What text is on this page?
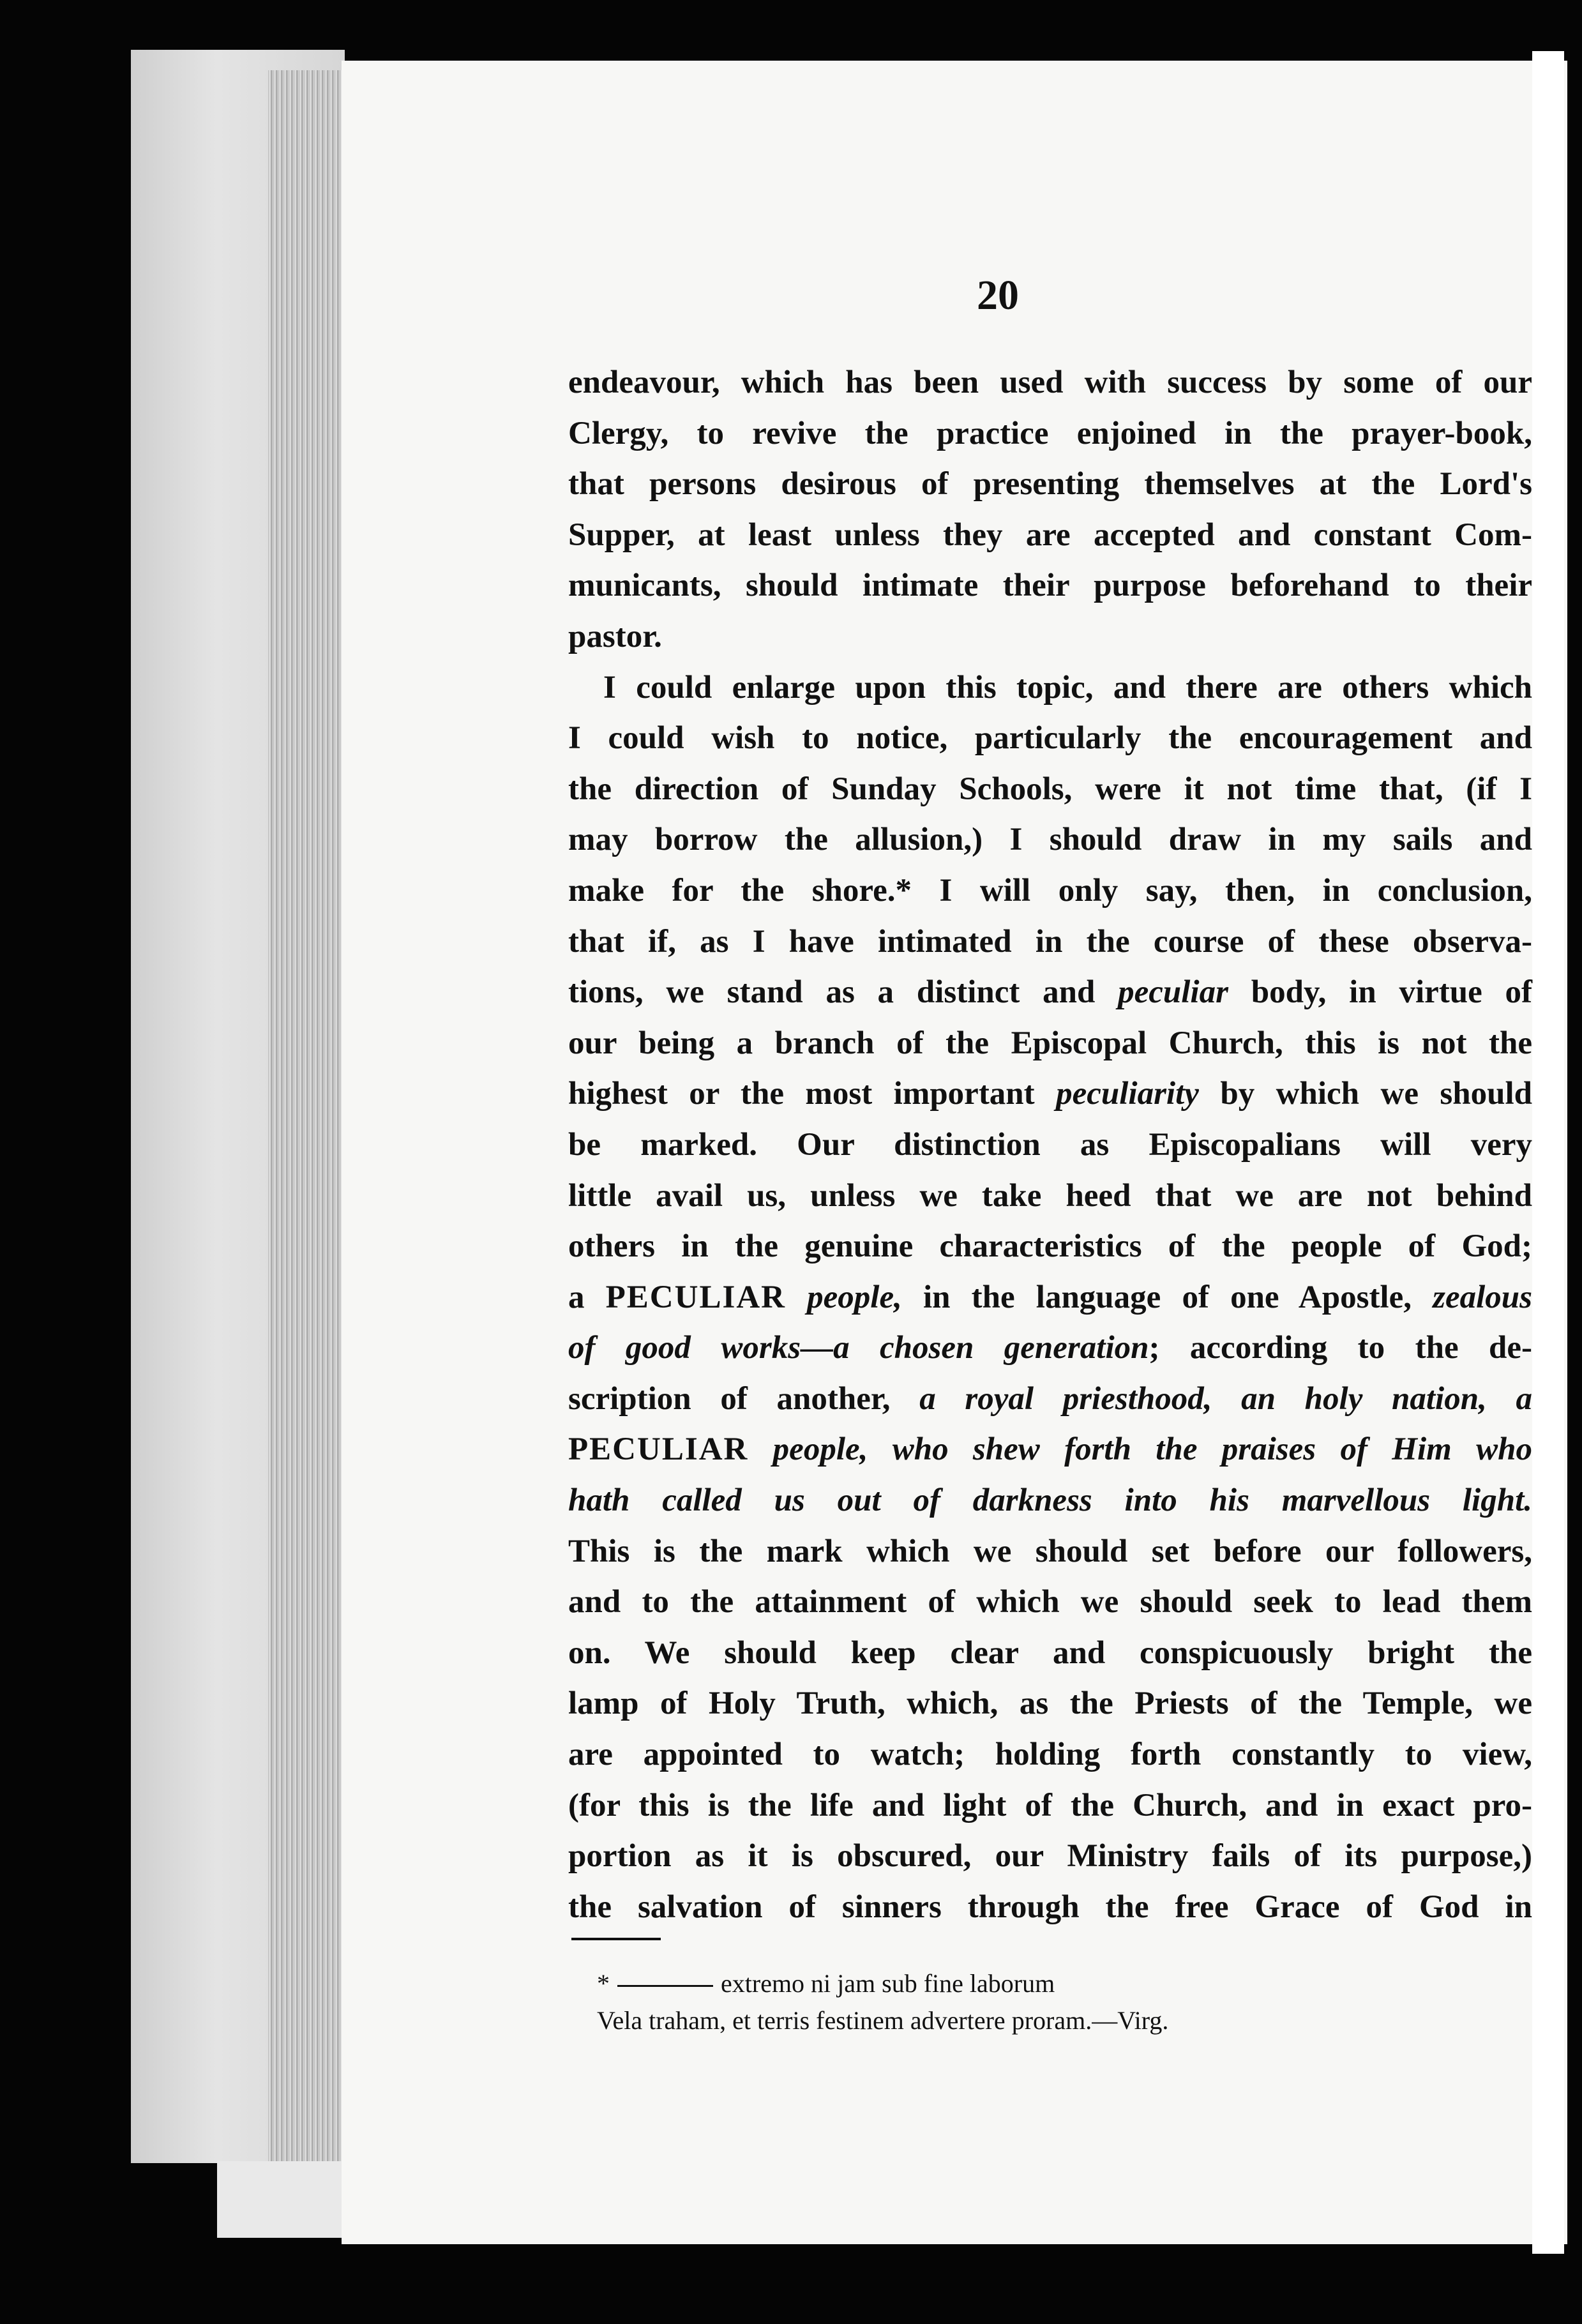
20
endeavour, which has been used with success by some of our
Clergy, to revive the practice enjoined in the prayer-book,
that persons desirous of presenting themselves at the Lord's
Supper, at least unless they are accepted and constant Com-
municants, should intimate their purpose beforehand to their
pastor.
I could enlarge upon this topic, and there are others which
I could wish to notice, particularly the encouragement and
the direction of Sunday Schools, were it not time that, (if I
may borrow the allusion,) I should draw in my sails and
make for the shore.* I will only say, then, in conclusion,
that if, as I have intimated in the course of these observa-
tions, we stand as a distinct and peculiar body, in virtue of
our being a branch of the Episcopal Church, this is not the
highest or the most important peculiarity by which we should
be marked. Our distinction as Episcopalians will very
little avail us, unless we take heed that we are not behind
others in the genuine characteristics of the people of God;
a PECULIAR people, in the language of one Apostle, zealous
of good works—a chosen generation; according to the de-
scription of another, a royal priesthood, an holy nation, a
PECULIAR people, who shew forth the praises of Him who
hath called us out of darkness into his marvellous light.
This is the mark which we should set before our followers,
and to the attainment of which we should seek to lead them
on. We should keep clear and conspicuously bright the
lamp of Holy Truth, which, as the Priests of the Temple, we
are appointed to watch; holding forth constantly to view,
(for this is the life and light of the Church, and in exact pro-
portion as it is obscured, our Ministry fails of its purpose,)
the salvation of sinners through the free Grace of God in
*	extremo ni jam sub fine laborum
Vela traham, et terris festinem advertere proram.—Virg.
